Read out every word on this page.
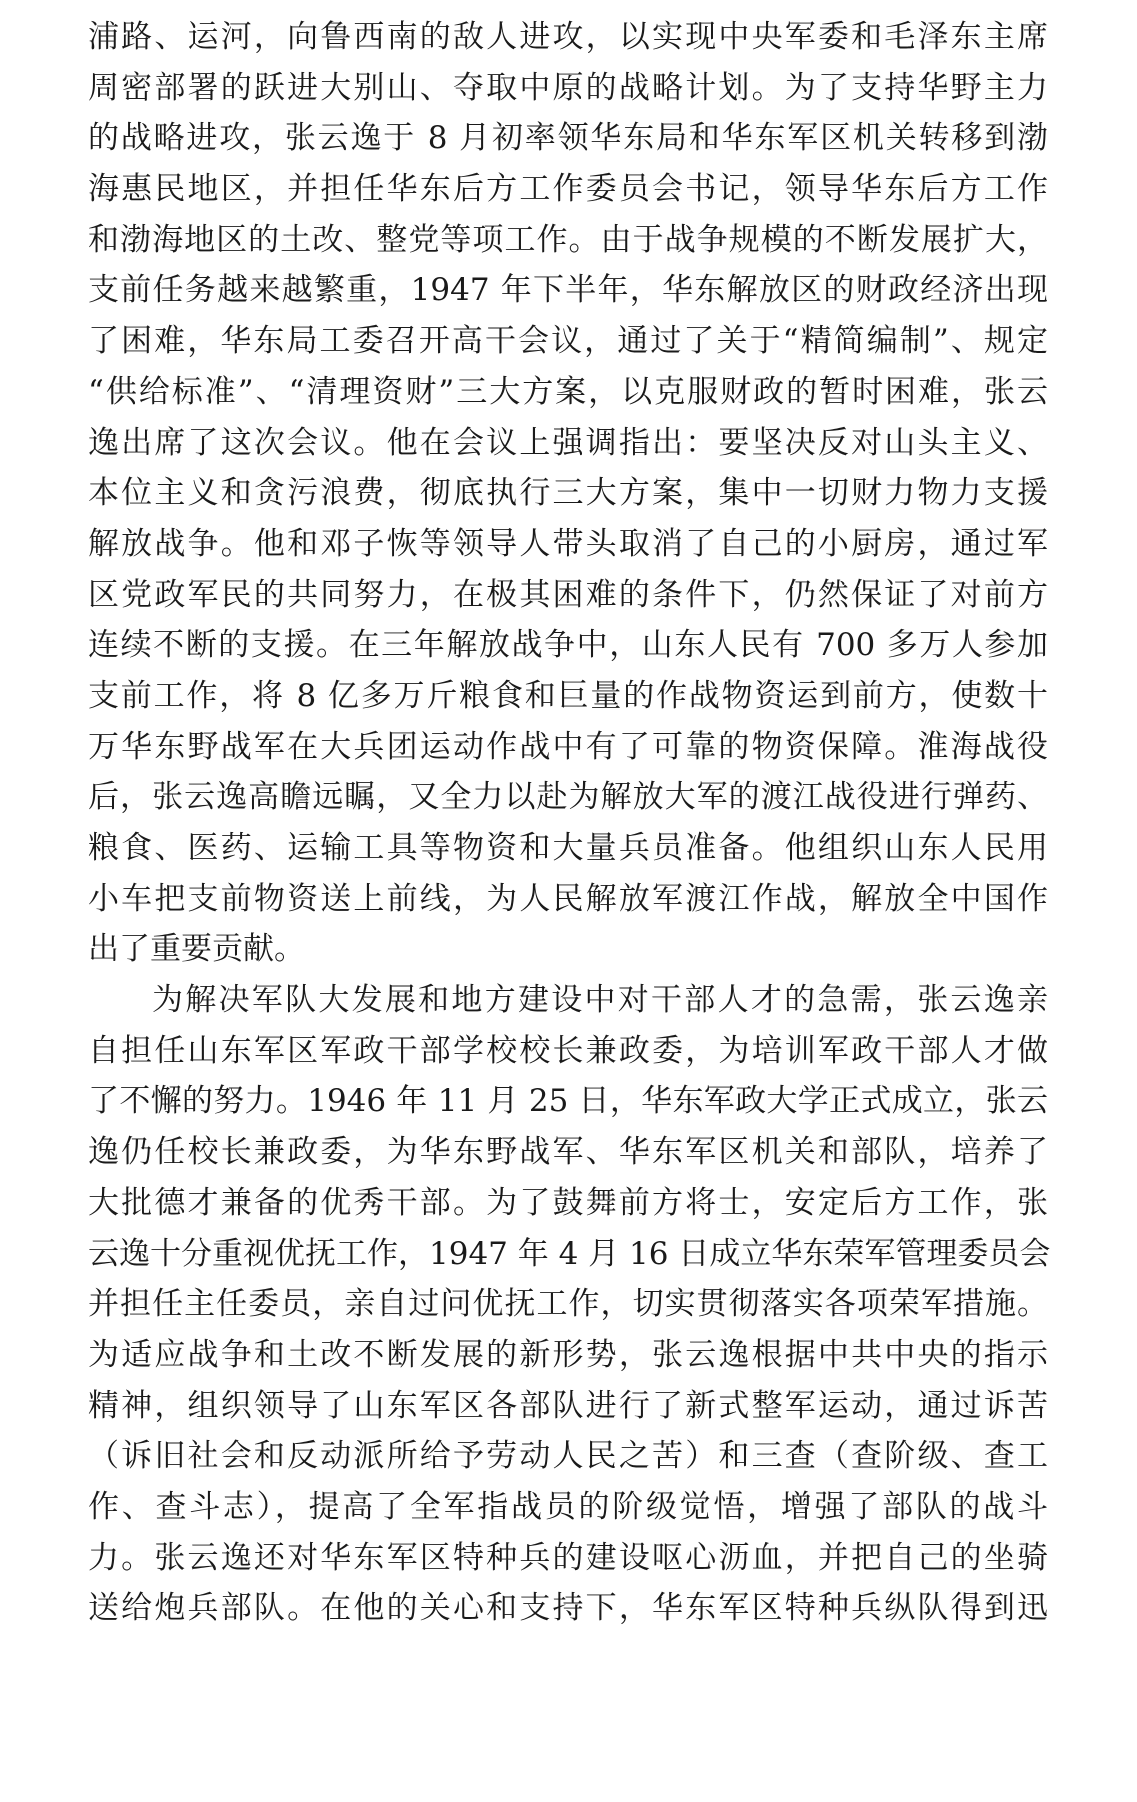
浦路、运河，向鲁西南的敌人进攻，以实现中央军委和毛泽东主席
周密部署的跃进大别山、夺取中原的战略计划。为了支持华野主力
的战略进攻，张云逸于 8 月初率领华东局和华东军区机关转移到渤
海惠民地区，并担任华东后方工作委员会书记，领导华东后方工作
和渤海地区的土改、整党等项工作。由于战争规模的不断发展扩大，
支前任务越来越繁重，1947 年下半年，华东解放区的财政经济出现
了困难，华东局工委召开高干会议，通过了关于“精简编制”、规定
“供给标准”、“清理资财”三大方案，以克服财政的暂时困难，张云
逸出席了这次会议。他在会议上强调指出：要坚决反对山头主义、
本位主义和贪污浪费，彻底执行三大方案，集中一切财力物力支援
解放战争。他和邓子恢等领导人带头取消了自己的小厨房，通过军
区党政军民的共同努力，在极其困难的条件下，仍然保证了对前方
连续不断的支援。在三年解放战争中，山东人民有 700 多万人参加
支前工作，将 8 亿多万斤粮食和巨量的作战物资运到前方，使数十
万华东野战军在大兵团运动作战中有了可靠的物资保障。淮海战役
后，张云逸高瞻远瞩，又全力以赴为解放大军的渡江战役进行弹药、
粮食、医药、运输工具等物资和大量兵员准备。他组织山东人民用
小车把支前物资送上前线，为人民解放军渡江作战，解放全中国作
出了重要贡献。
为解决军队大发展和地方建设中对干部人才的急需，张云逸亲
自担任山东军区军政干部学校校长兼政委，为培训军政干部人才做
了不懈的努力。1946 年 11 月 25 日，华东军政大学正式成立，张云
逸仍任校长兼政委，为华东野战军、华东军区机关和部队，培养了
大批德才兼备的优秀干部。为了鼓舞前方将士，安定后方工作，张
云逸十分重视优抚工作，1947 年 4 月 16 日成立华东荣军管理委员会
并担任主任委员，亲自过问优抚工作，切实贯彻落实各项荣军措施。
为适应战争和土改不断发展的新形势，张云逸根据中共中央的指示
精神，组织领导了山东军区各部队进行了新式整军运动，通过诉苦
（诉旧社会和反动派所给予劳动人民之苦）和三查（查阶级、查工
作、查斗志），提高了全军指战员的阶级觉悟，增强了部队的战斗
力。张云逸还对华东军区特种兵的建设呕心沥血，并把自己的坐骑
送给炮兵部队。在他的关心和支持下，华东军区特种兵纵队得到迅
